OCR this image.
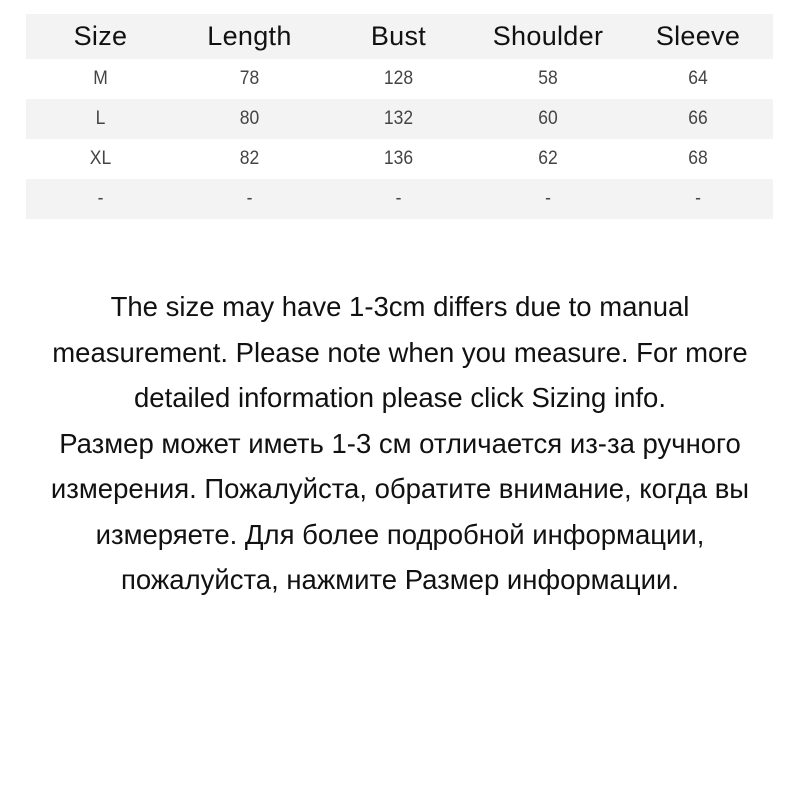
Size	Length	Bust	Shoulder	Sleeve
M	78	128	58	64
L	80	132	60	66
XL	82	136	62	68
-	-	-	-	-

The size may have 1-3cm differs due to manual measurement. Please note when you measure. For more detailed information please click Sizing info.

Размер может иметь 1-3 см отличается из-за ручного измерения. Пожалуйста, обратите внимание, когда вы измеряете. Для более подробной информации, пожалуйста, нажмите Размер информации.
